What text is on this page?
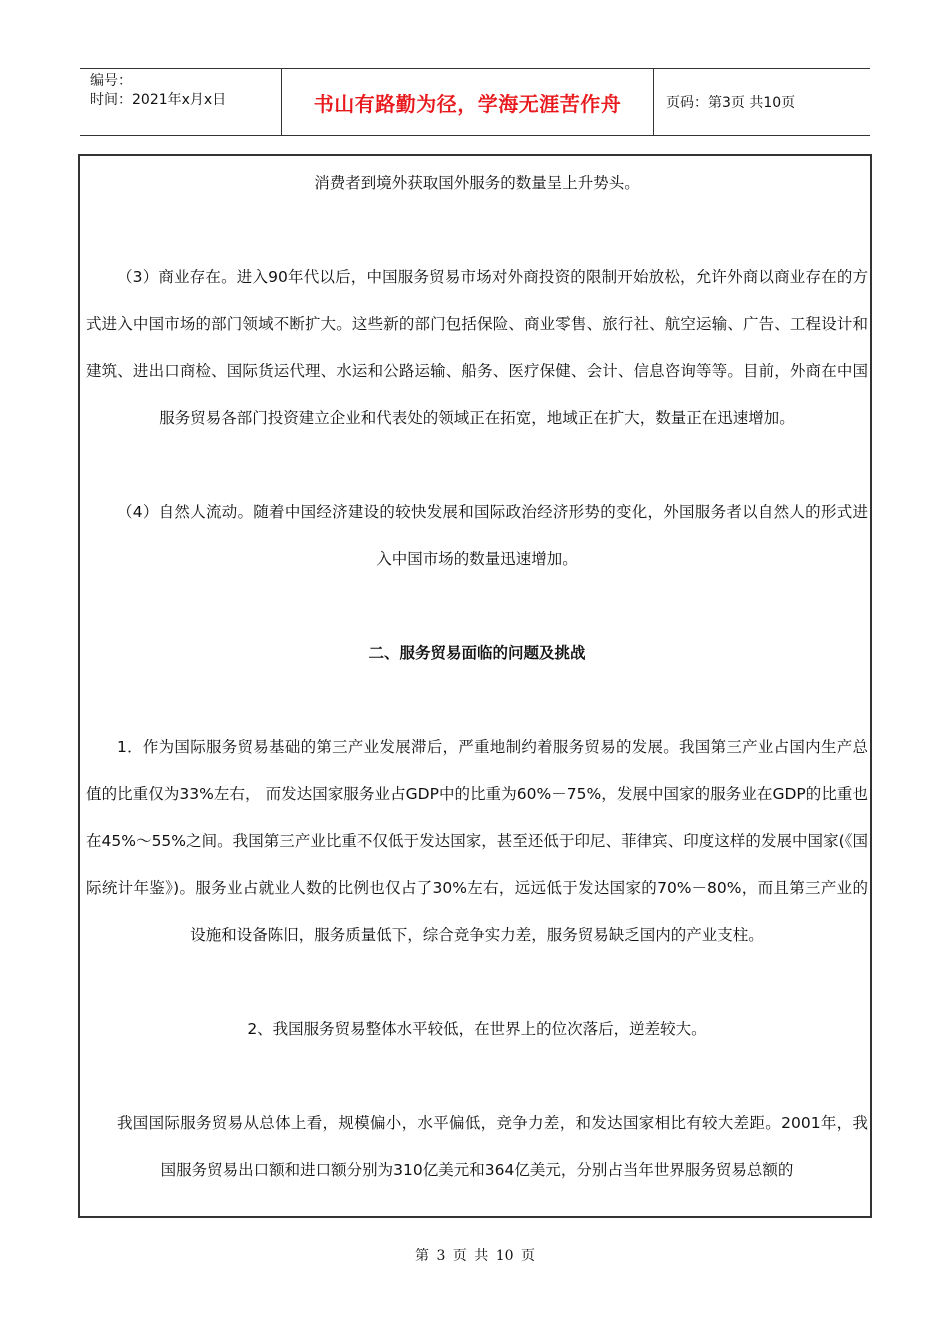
编号：
时间：2021年x月x日	书山有路勤为径，学海无涯苦作舟	页码：第3页 共10页

消费者到境外获取国外服务的数量呈上升势头。

（3）商业存在。进入90年代以后，中国服务贸易市场对外商投资的限制开始放松，允许外商以商业存在的方式进入中国市场的部门领域不断扩大。这些新的部门包括保险、商业零售、旅行社、航空运输、广告、工程设计和建筑、进出口商检、国际货运代理、水运和公路运输、船务、医疗保健、会计、信息咨询等等。目前，外商在中国服务贸易各部门投资建立企业和代表处的领域正在拓宽，地域正在扩大，数量正在迅速增加。

（4）自然人流动。随着中国经济建设的较快发展和国际政治经济形势的变化，外国服务者以自然人的形式进入中国市场的数量迅速增加。

二、服务贸易面临的问题及挑战

1．作为国际服务贸易基础的第三产业发展滞后，严重地制约着服务贸易的发展。我国第三产业占国内生产总值的比重仅为33%左右， 而发达国家服务业占GDP中的比重为60%－75%，发展中国家的服务业在GDP的比重也在45%～55%之间。我国第三产业比重不仅低于发达国家，甚至还低于印尼、菲律宾、印度这样的发展中国家(《国际统计年鉴》)。服务业占就业人数的比例也仅占了30%左右，远远低于发达国家的70%－80%，而且第三产业的设施和设备陈旧，服务质量低下，综合竞争实力差，服务贸易缺乏国内的产业支柱。

2、我国服务贸易整体水平较低，在世界上的位次落后，逆差较大。

我国国际服务贸易从总体上看，规模偏小，水平偏低，竞争力差，和发达国家相比有较大差距。2001年，我国服务贸易出口额和进口额分别为310亿美元和364亿美元，分别占当年世界服务贸易总额的

第 3 页 共 10 页
